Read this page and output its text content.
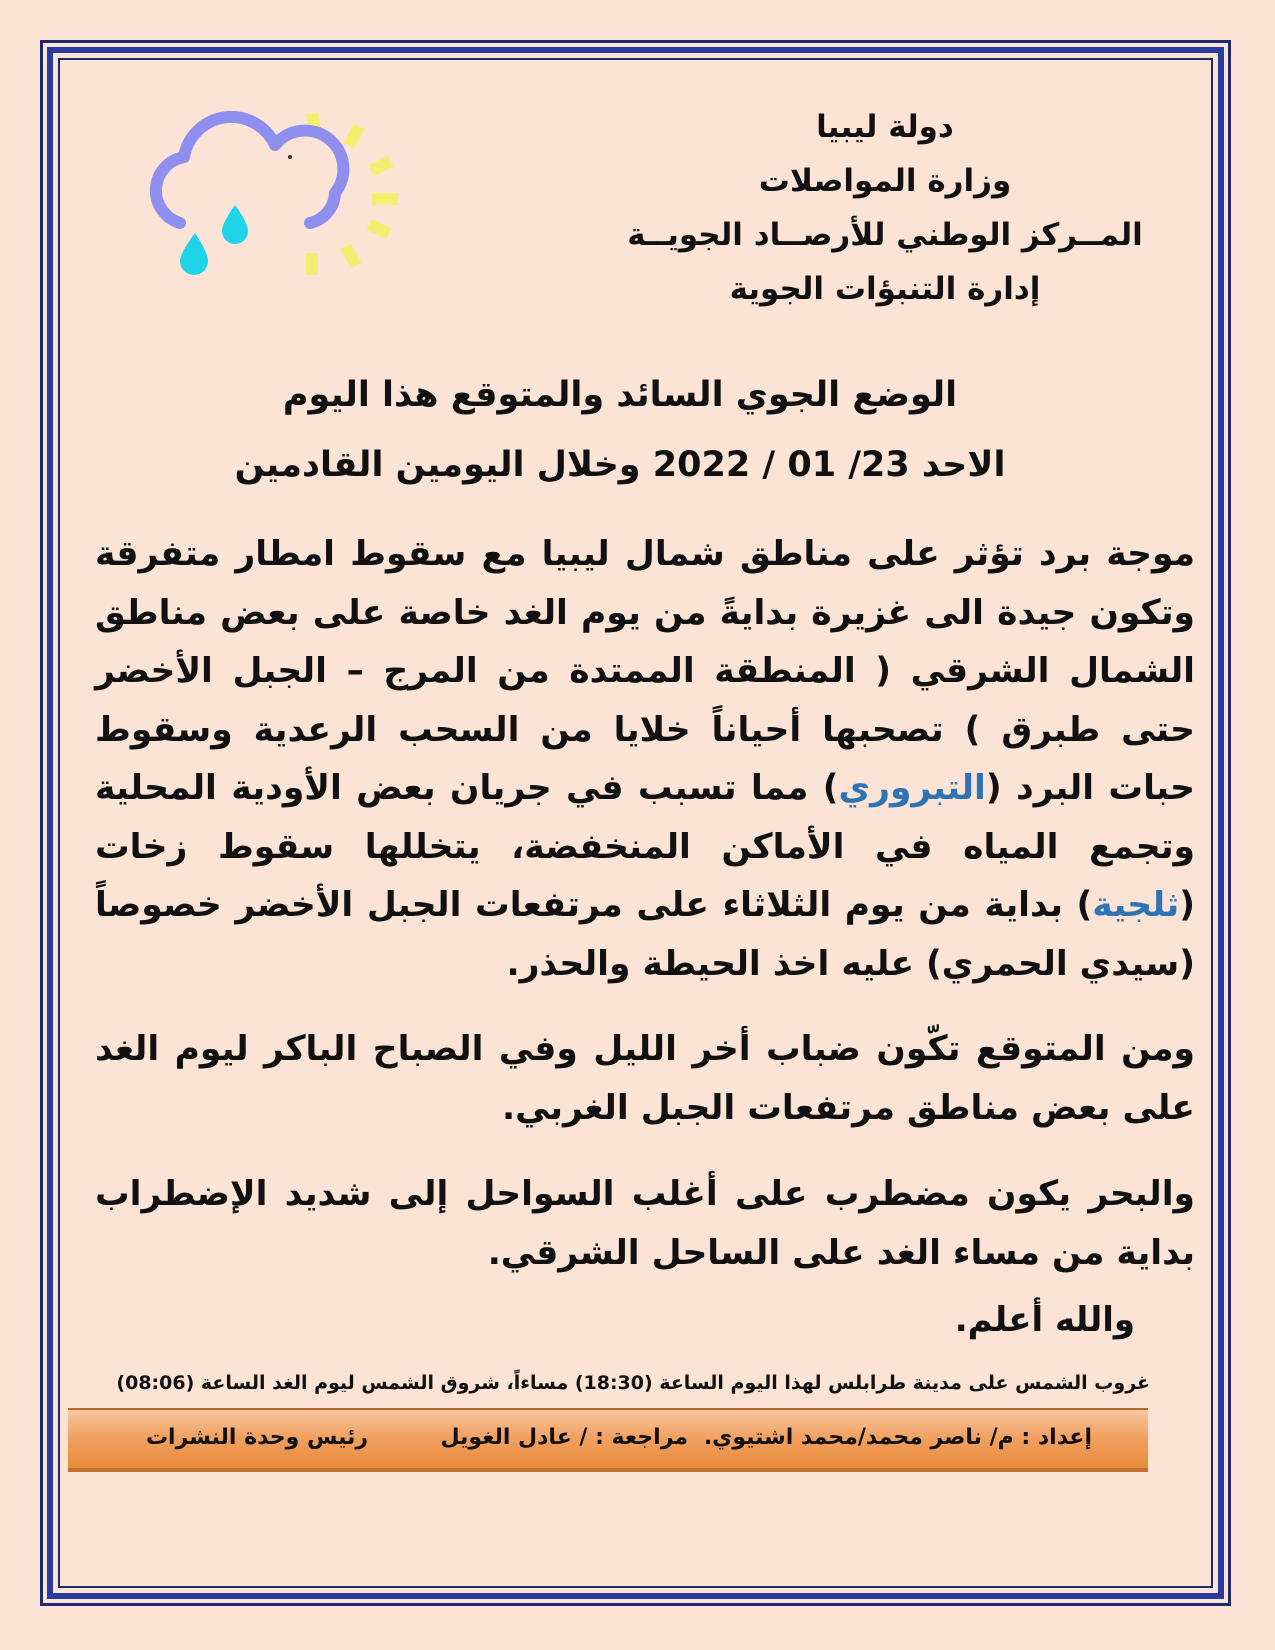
دولة ليبيا
وزارة المواصلات
المــركز الوطني للأرصــاد الجويــة
إدارة التنبؤات الجوية
الوضع الجوي السائد والمتوقع هذا اليوم
الاحد 23/ 01 / 2022 وخلال اليومين القادمين
موجة برد تؤثر على مناطق شمال ليبيا مع سقوط امطار متفرقة وتكون جيدة الى غزيرة بدايةً من يوم الغد خاصة على بعض مناطق الشمال الشرقي ( المنطقة الممتدة من المرج – الجبل الأخضر حتى طبرق ) تصحبها أحياناً خلايا من السحب الرعدية وسقوط حبات البرد (التبروري) مما تسبب في جريان بعض الأودية المحلية وتجمع المياه في الأماكن المنخفضة، يتخللها سقوط زخات (ثلجية) بداية من يوم الثلاثاء على مرتفعات الجبل الأخضر خصوصاً (سيدي الحمري) عليه اخذ الحيطة والحذر.
ومن المتوقع تكّون ضباب أخر الليل وفي الصباح الباكر ليوم الغد على بعض مناطق مرتفعات الجبل الغربي.
والبحر يكون مضطرب على أغلب السواحل إلى شديد الإضطراب بداية من مساء الغد على الساحل الشرقي.
والله أعلم.
غروب الشمس على مدينة طرابلس لهذا اليوم الساعة (18:30) مساءاً، شروق الشمس ليوم الغد الساعة (08:06)
إعداد : م/ ناصر محمد/محمد اشتيوي.
مراجعة : / عادل الغويل
رئيس وحدة النشرات
